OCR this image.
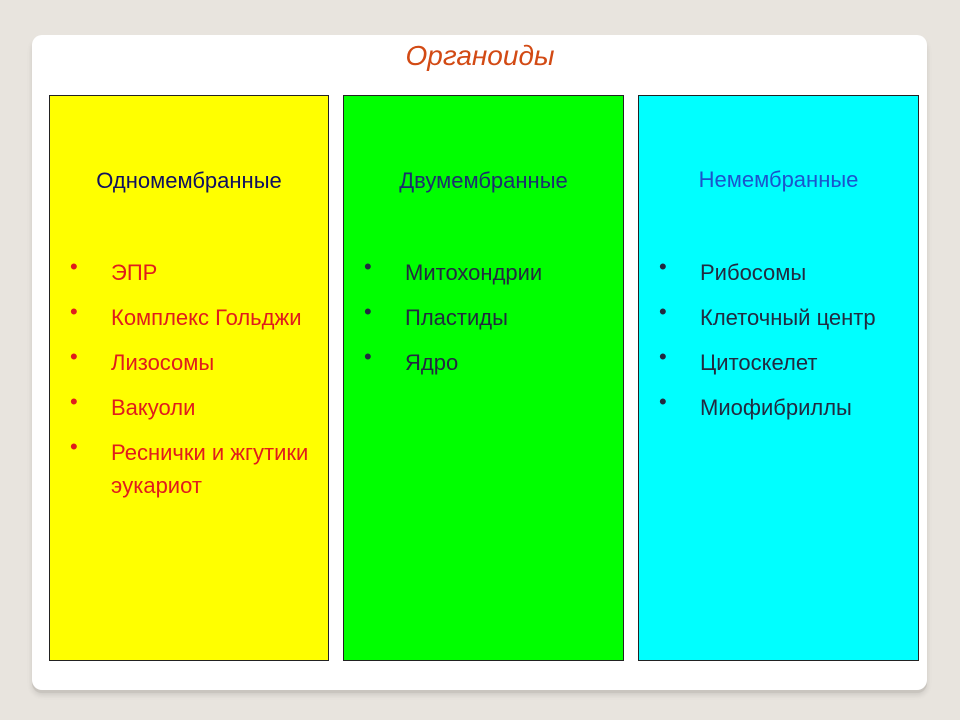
Органоиды
Одномембранные
• ЭПР
• Комплекс Гольджи
• Лизосомы
• Вакуоли
• Реснички и жгутики эукариот
Двумембранные
• Митохондрии
• Пластиды
• Ядро
Немембранные
• Рибосомы
• Клеточный центр
• Цитоскелет
• Миофибриллы
